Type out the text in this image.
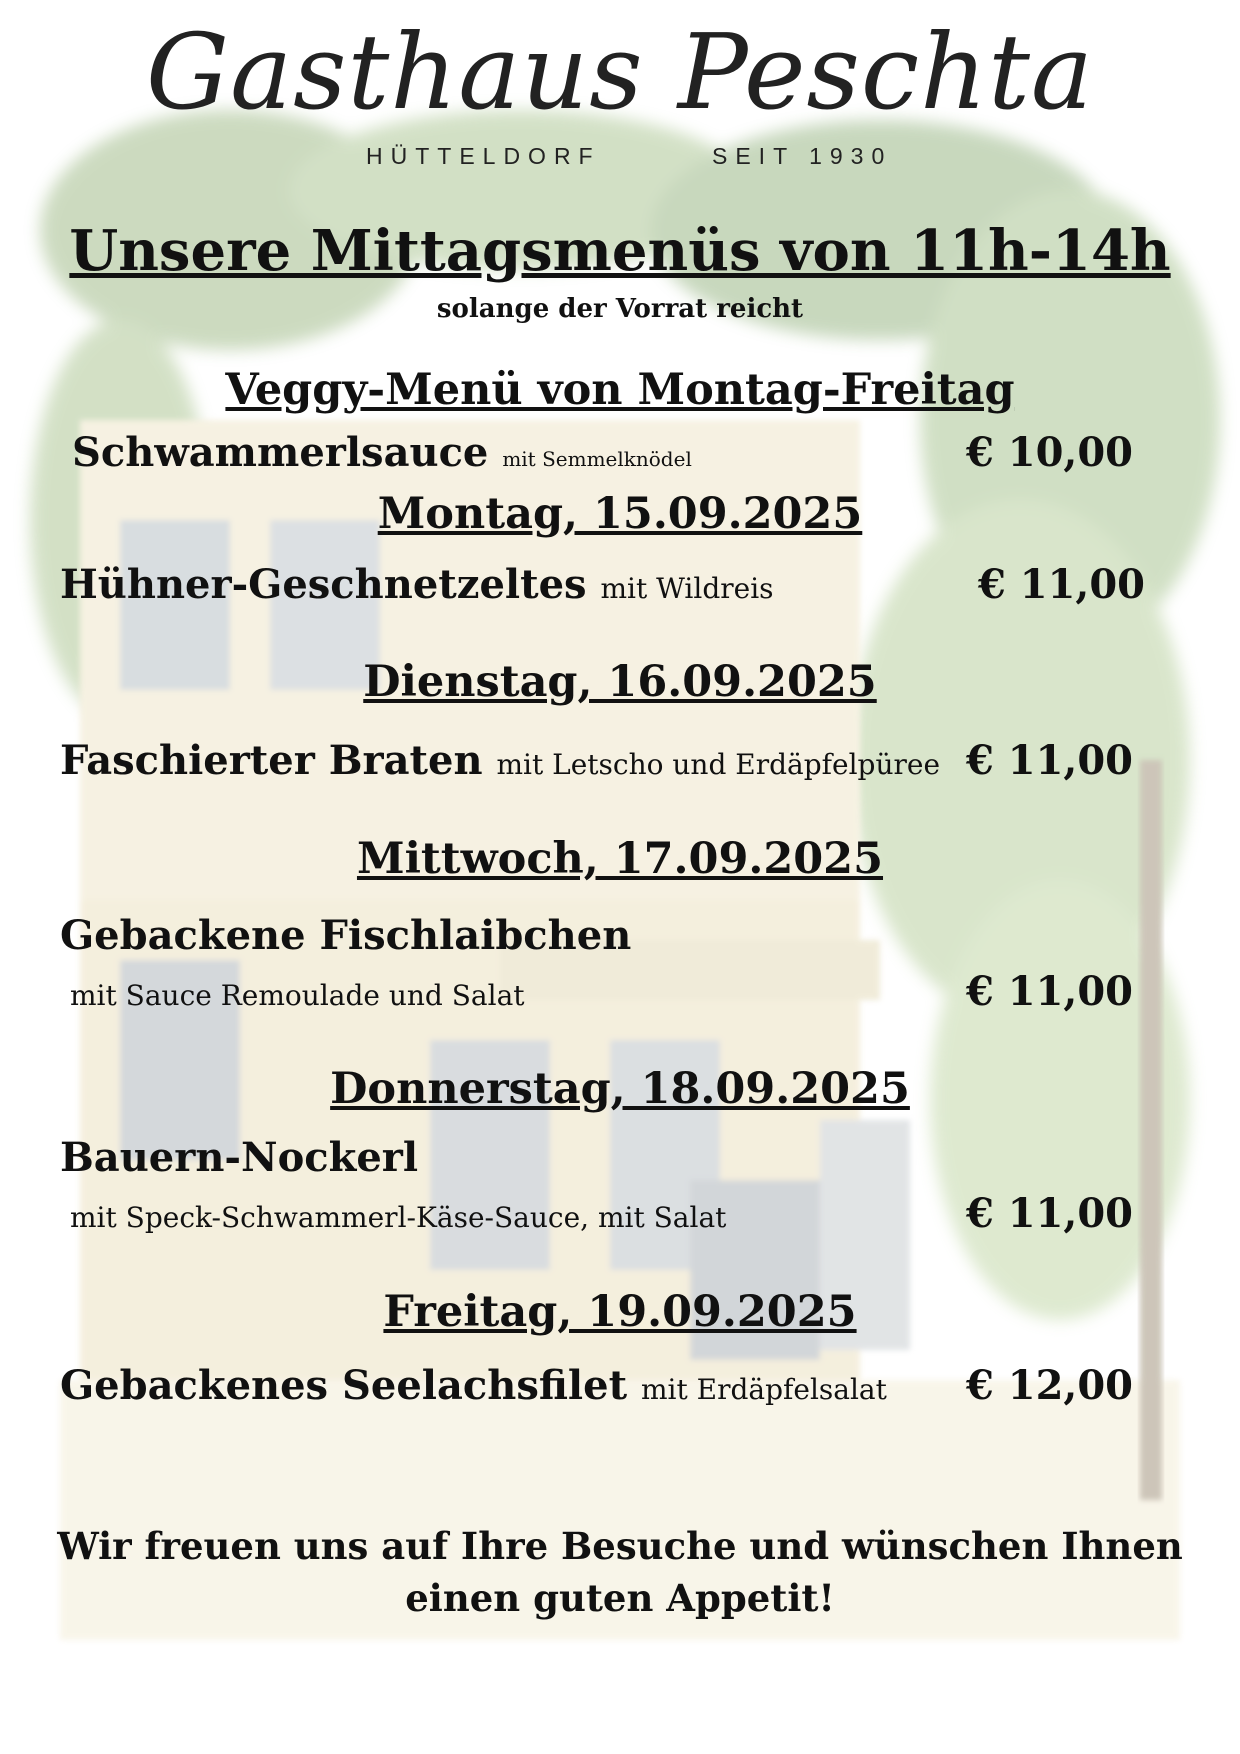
Gasthaus Peschta
HÜTTELDORF	SEIT 1930
Unsere Mittagsmenüs von 11h-14h
solange der Vorrat reicht
Veggy-Menü von Montag-Freitag
Schwammerlsauce mit Semmelknödel	€ 10,00
Montag, 15.09.2025
Hühner-Geschnetzeltes mit Wildreis	€ 11,00
Dienstag, 16.09.2025
Faschierter Braten mit Letscho und Erdäpfelpüree € 11,00
Mittwoch, 17.09.2025
Gebackene Fischlaibchen
mit Sauce Remoulade und Salat	€ 11,00
Donnerstag, 18.09.2025
Bauern-Nockerl
mit Speck-Schwammerl-Käse-Sauce, mit Salat	€ 11,00
Freitag, 19.09.2025
Gebackenes Seelachsfilet mit Erdäpfelsalat € 12,00
Wir freuen uns auf Ihre Besuche und wünschen Ihnen
einen guten Appetit!
